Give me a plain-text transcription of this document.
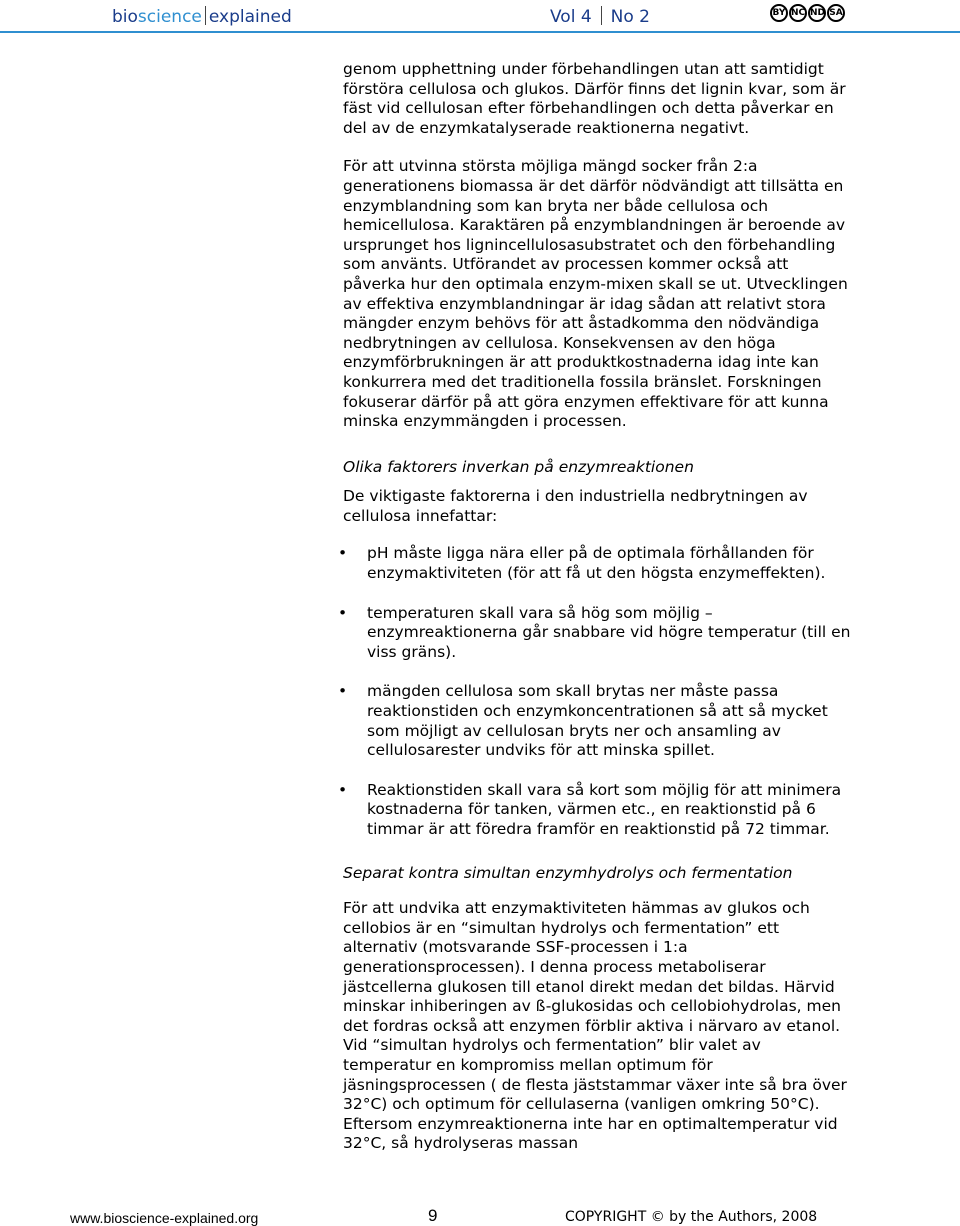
bioscience explained	Vol 4 No 2	BY NC ND SA

genom upphettning under förbehandlingen utan att samtidigt förstöra cellulosa och glukos. Därför finns det lignin kvar, som är fäst vid cellulosan efter förbehandlingen och detta påverkar en del av de enzymkatalyserade reaktionerna negativt.

För att utvinna största möjliga mängd socker från 2:a generationens biomassa är det därför nödvändigt att tillsätta en enzymblandning som kan bryta ner både cellulosa och hemicellulosa. Karaktären på enzymblandningen är beroende av ursprunget hos lignincellulosasubstratet och den förbehandling som använts. Utförandet av processen kommer också att påverka hur den optimala enzym-mixen skall se ut. Utvecklingen av effektiva enzymblandningar är idag sådan att relativt stora mängder enzym behövs för att åstadkomma den nödvändiga nedbrytningen av cellulosa. Konsekvensen av den höga enzymförbrukningen är att produktkostnaderna idag inte kan konkurrera med det traditionella fossila bränslet. Forskningen fokuserar därför på att göra enzymen effektivare för att kunna minska enzymmängden i processen.

Olika faktorers inverkan på enzymreaktionen

De viktigaste faktorerna i den industriella nedbrytningen av cellulosa innefattar:

• pH måste ligga nära eller på de optimala förhållanden för enzymaktiviteten (för att få ut den högsta enzymeffekten).
• temperaturen skall vara så hög som möjlig – enzymreaktionerna går snabbare vid högre temperatur (till en viss gräns).
• mängden cellulosa som skall brytas ner måste passa reaktionstiden och enzymkoncentrationen så att så mycket som möjligt av cellulosan bryts ner och ansamling av cellulosarester undviks för att minska spillet.
• Reaktionstiden skall vara så kort som möjlig för att minimera kostnaderna för tanken, värmen etc., en reaktionstid på 6 timmar är att föredra framför en reaktionstid på 72 timmar.

Separat kontra simultan enzymhydrolys och fermentation

För att undvika att enzymaktiviteten hämmas av glukos och cellobios är en “simultan hydrolys och fermentation” ett alternativ (motsvarande SSF-processen i 1:a generationsprocessen). I denna process metaboliserar jästcellerna glukosen till etanol direkt medan det bildas. Härvid minskar inhiberingen av ß-glukosidas och cellobiohydrolas, men det fordras också att enzymen förblir aktiva i närvaro av etanol. Vid “simultan hydrolys och fermentation” blir valet av temperatur en kompromiss mellan optimum för jäsningsprocessen ( de flesta jäststammar växer inte så bra över 32°C) och optimum för cellulaserna (vanligen omkring 50°C). Eftersom enzymreaktionerna inte har en optimaltemperatur vid 32°C, så hydrolyseras massan

www.bioscience-explained.org	9	COPYRIGHT © by the Authors, 2008
